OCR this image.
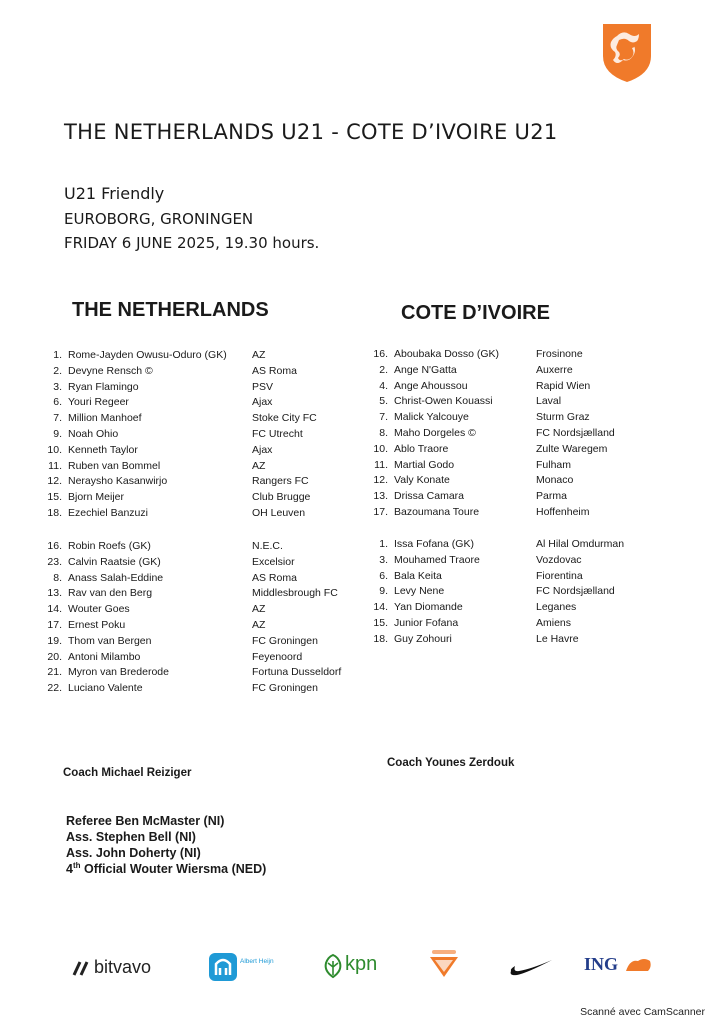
THE NETHERLANDS U21 - COTE D’IVOIRE U21
U21 Friendly
EUROBORG, GRONINGEN
FRIDAY 6 JUNE 2025, 19.30 hours.
THE NETHERLANDS	COTE D’IVOIRE
1. Rome-Jayden Owusu-Oduro (GK) AZ
2. Devyne Rensch ©	AS Roma
3. Ryan Flamingo	PSV
6. Youri Regeer	Ajax
7. Million Manhoef	Stoke City FC
9. Noah Ohio	FC Utrecht
10. Kenneth Taylor	Ajax
11. Ruben van Bommel	AZ
12. Neraysho Kasanwirjo	Rangers FC
15. Bjorn Meijer	Club Brugge
18. Ezechiel Banzuzi	OH Leuven
16. Robin Roefs (GK)	N.E.C.
23. Calvin Raatsie (GK)	Excelsior
8. Anass Salah-Eddine	AS Roma
13. Rav van den Berg	Middlesbrough FC
14. Wouter Goes	AZ
17. Ernest Poku	AZ
19. Thom van Bergen	FC Groningen
20. Antoni Milambo	Feyenoord
21. Myron van Brederode	Fortuna Dusseldorf
22. Luciano Valente	FC Groningen
16. Aboubaka Dosso (GK)	Frosinone
2. Ange N'Gatta	Auxerre
4. Ange Ahoussou	Rapid Wien
5. Christ-Owen Kouassi	Laval
7. Malick Yalcouye	Sturm Graz
8. Maho Dorgeles ©	FC Nordsjælland
10. Ablo Traore	Zulte Waregem
11. Martial Godo	Fulham
12. Valy Konate	Monaco
13. Drissa Camara	Parma
17. Bazoumana Toure	Hoffenheim
1. Issa Fofana (GK)	Al Hilal Omdurman
3. Mouhamed Traore	Vozdovac
6. Bala Keita	Fiorentina
9. Levy Nene	FC Nordsjælland
14. Yan Diomande	Leganes
15. Junior Fofana	Amiens
18. Guy Zohouri	Le Havre
Coach Michael Reiziger
Coach Younes Zerdouk
Referee Ben McMaster (NI)
Ass. Stephen Bell (NI)
Ass. John Doherty (NI)
4th Official Wouter Wiersma (NED)
bitvavo	Albert Heijn	kpn	ING
Scanné avec CamScanner
